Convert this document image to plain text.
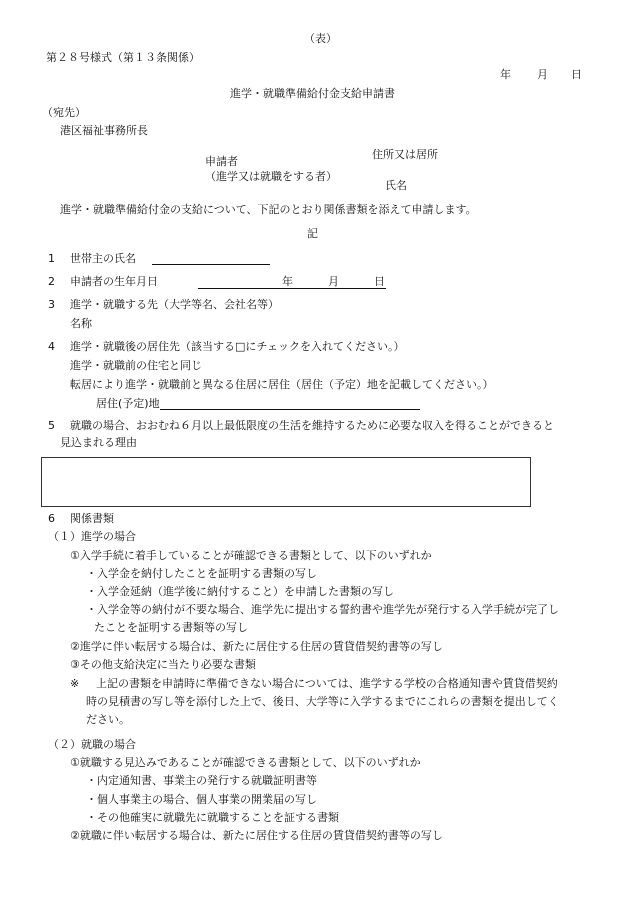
（表）
第２８号様式（第１３条関係）
年 月 日
進学・就職準備給付金支給申請書
（宛先）
港区福祉事務所長
住所又は居所
申請者
（進学又は就職をする者）
氏名
進学・就職準備給付金の支給について、下記のとおり関係書類を添えて申請します。
記
1 世帯主の氏名
2 申請者の生年月日	年	月	日
3 進学・就職する先（大学等名、会社名等）
名称
4 進学・就職後の居住先（該当する□にチェックを入れてください。）
進学・就職前の住宅と同じ
転居により進学・就職前と異なる住居に居住（居住（予定）地を記載してください。）
居住(予定)地
5 就職の場合、おおむね６月以上最低限度の生活を維持するために必要な収入を得ることができると
見込まれる理由
6 関係書類
（１）進学の場合
①入学手続に着手していることが確認できる書類として、以下のいずれか
・入学金を納付したことを証明する書類の写し
・入学金延納（進学後に納付すること）を申請した書類の写し
・入学金等の納付が不要な場合、進学先に提出する誓約書や進学先が発行する入学手続が完了し
たことを証明する書類等の写し
②進学に伴い転居する場合は、新たに居住する住居の賃貸借契約書等の写し
③その他支給決定に当たり必要な書類
※ 上記の書類を申請時に準備できない場合については、進学する学校の合格通知書や賃貸借契約
時の見積書の写し等を添付した上で、後日、大学等に入学するまでにこれらの書類を提出してく
ださい。
（２）就職の場合
①就職する見込みであることが確認できる書類として、以下のいずれか
・内定通知書、事業主の発行する就職証明書等
・個人事業主の場合、個人事業の開業届の写し
・その他確実に就職先に就職することを証する書類
②就職に伴い転居する場合は、新たに居住する住居の賃貸借契約書等の写し
